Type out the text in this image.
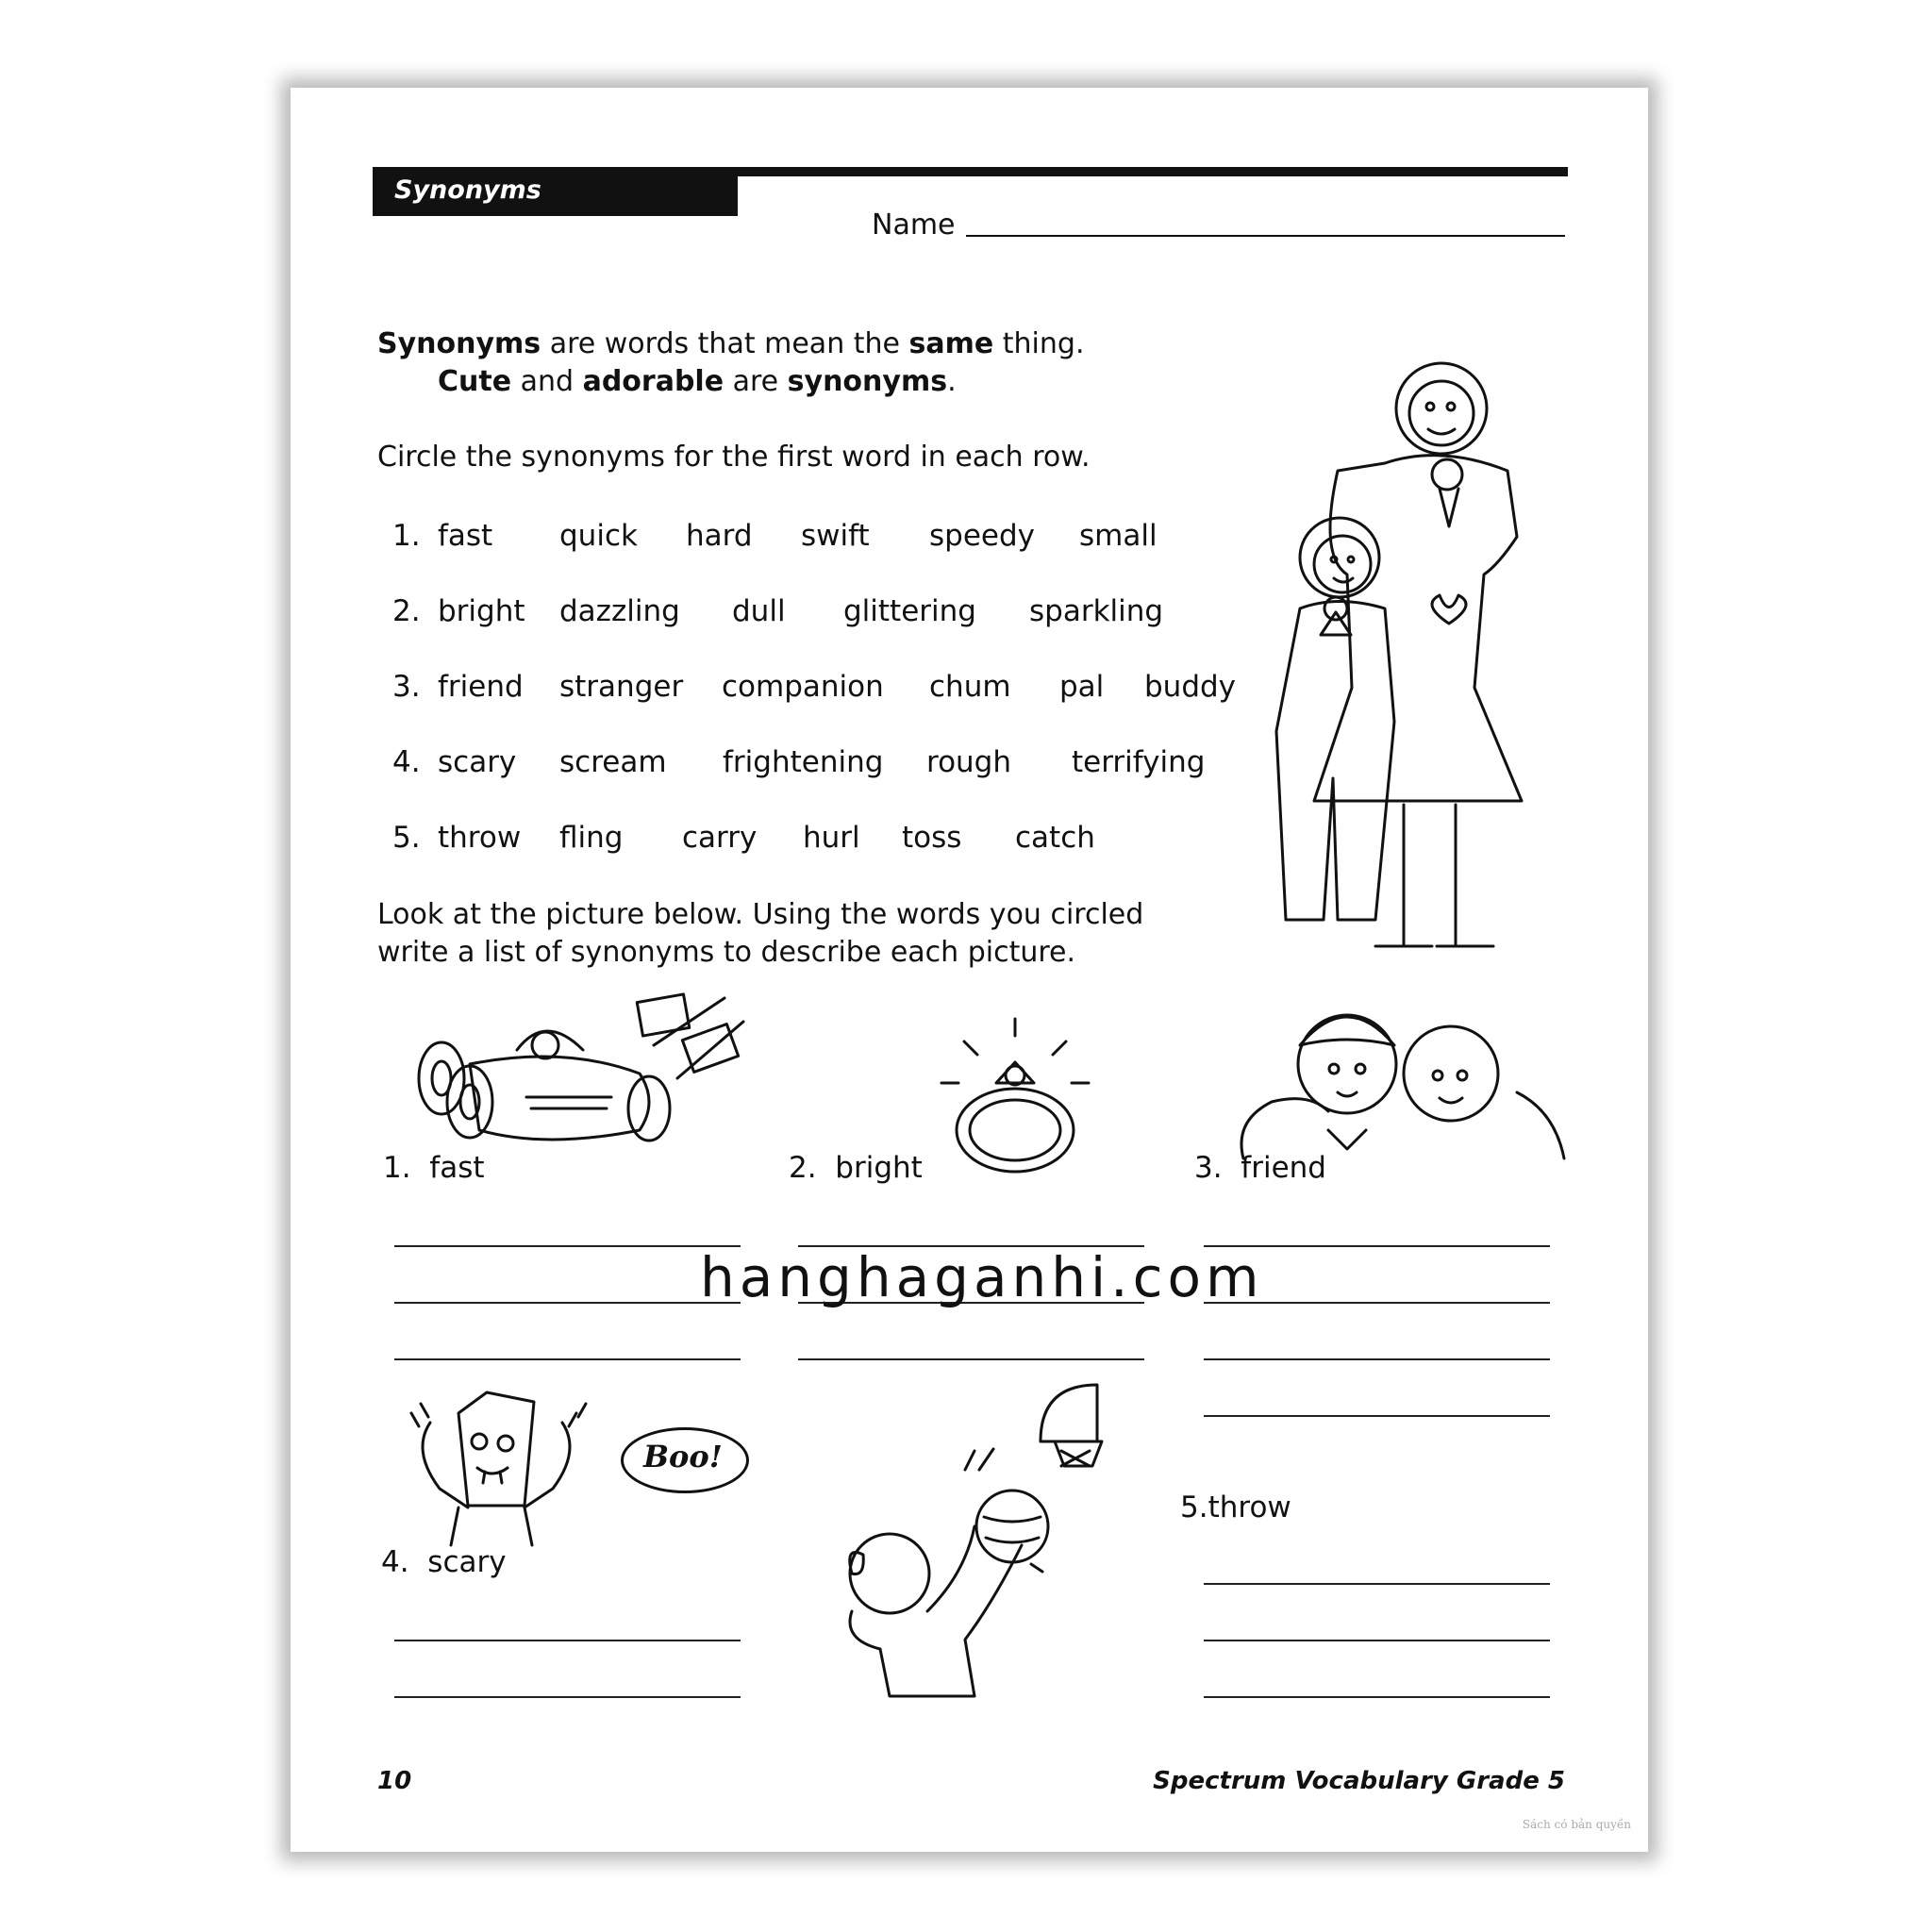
Synonyms
Name
Synonyms are words that mean the same thing.
Cute and adorable are synonyms.
Circle the synonyms for the first word in each row.
1. fast quick hard swift speedy small
2. bright dazzling dull glittering sparkling
3. friend stranger companion chum pal buddy
4. scary scream frightening rough terrifying
5. throw fling carry hurl toss catch
Look at the picture below. Using the words you circled
write a list of synonyms to describe each picture.
1. fast	2. bright	3. friend
Boo!
4. scary
5.throw
10	Spectrum Vocabulary Grade 5
Sách có bản quyền
hanghaganhi.com
